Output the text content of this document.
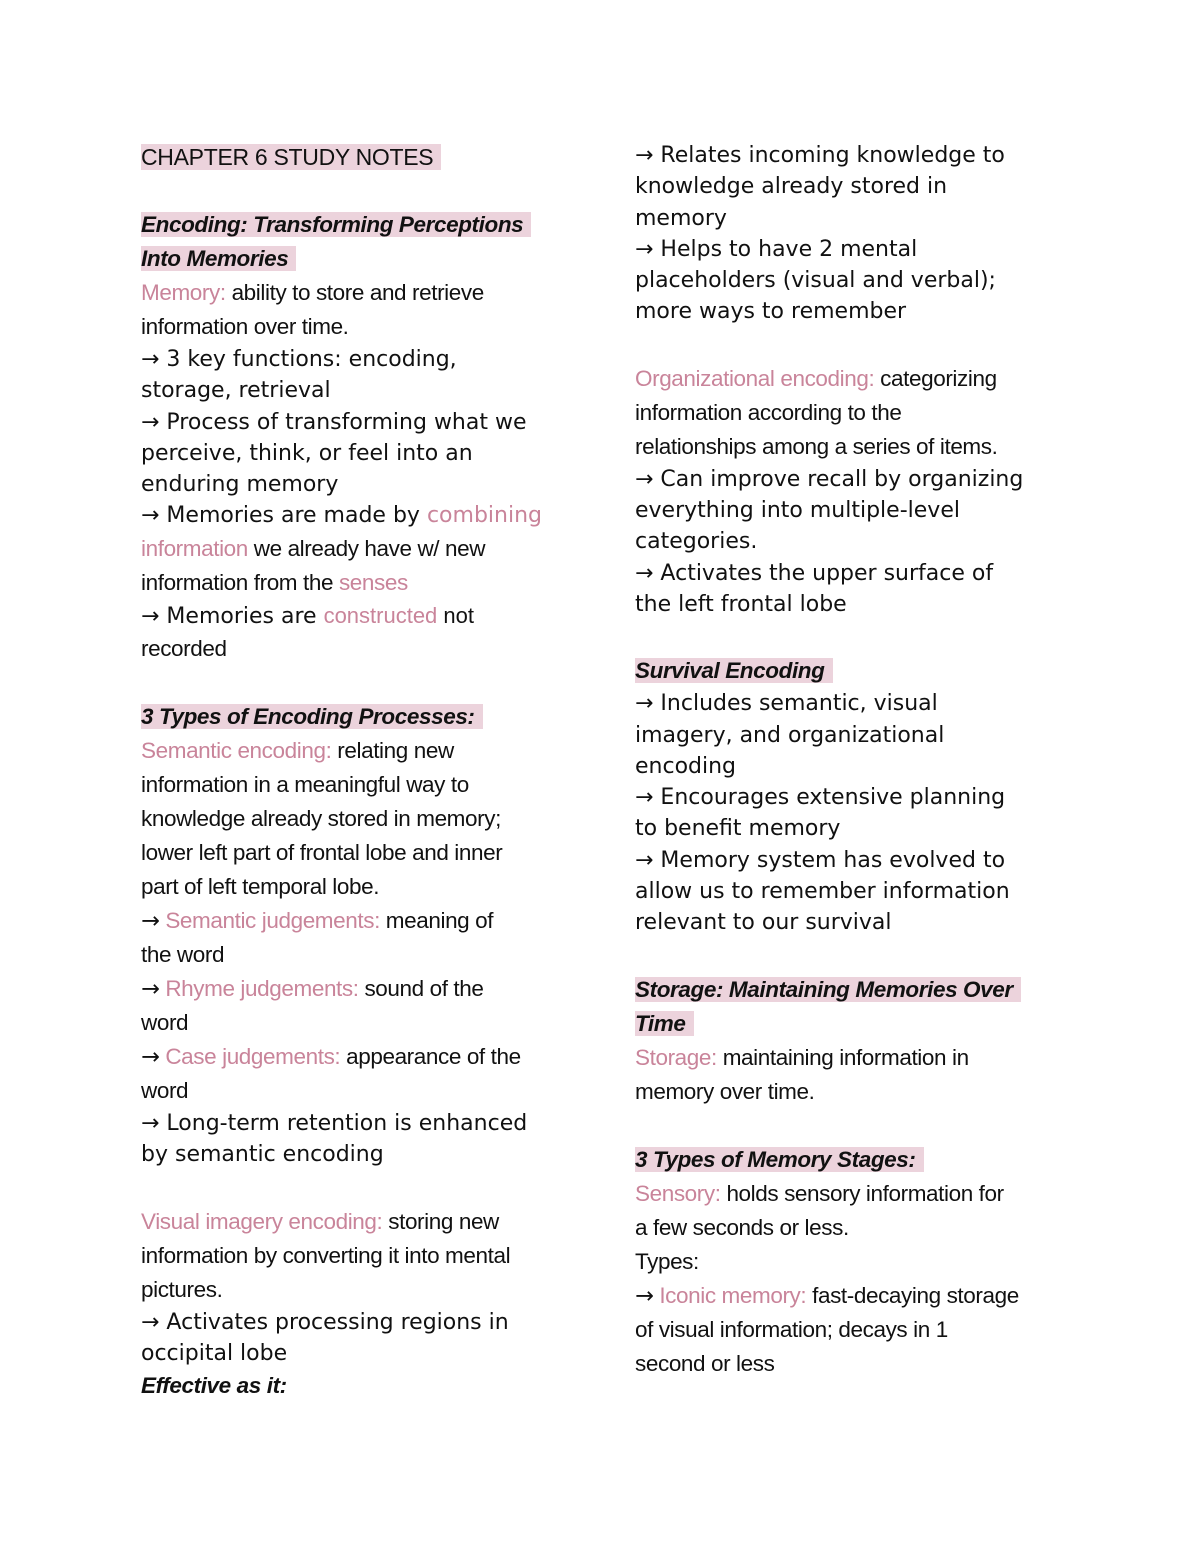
CHAPTER 6 STUDY NOTES
Encoding: Transforming Perceptions
Into Memories
Memory: ability to store and retrieve
information over time.
→ 3 key functions: encoding,
storage, retrieval
→ Process of transforming what we
perceive, think, or feel into an
enduring memory
→ Memories are made by combining
information we already have w/ new
information from the senses
→ Memories are constructed not
recorded
3 Types of Encoding Processes:
Semantic encoding: relating new
information in a meaningful way to
knowledge already stored in memory;
lower left part of frontal lobe and inner
part of left temporal lobe.
→ Semantic judgements: meaning of
the word
→ Rhyme judgements: sound of the
word
→ Case judgements: appearance of the
word
→ Long-term retention is enhanced
by semantic encoding
Visual imagery encoding: storing new
information by converting it into mental
pictures.
→ Activates processing regions in
occipital lobe
Effective as it:
→ Relates incoming knowledge to
knowledge already stored in
memory
→ Helps to have 2 mental
placeholders (visual and verbal);
more ways to remember
Organizational encoding: categorizing
information according to the
relationships among a series of items.
→ Can improve recall by organizing
everything into multiple-level
categories.
→ Activates the upper surface of
the left frontal lobe
Survival Encoding
→ Includes semantic, visual
imagery, and organizational
encoding
→ Encourages extensive planning
to benefit memory
→ Memory system has evolved to
allow us to remember information
relevant to our survival
Storage: Maintaining Memories Over
Time
Storage: maintaining information in
memory over time.
3 Types of Memory Stages:
Sensory: holds sensory information for
a few seconds or less.
Types:
→ Iconic memory: fast-decaying storage
of visual information; decays in 1
second or less
